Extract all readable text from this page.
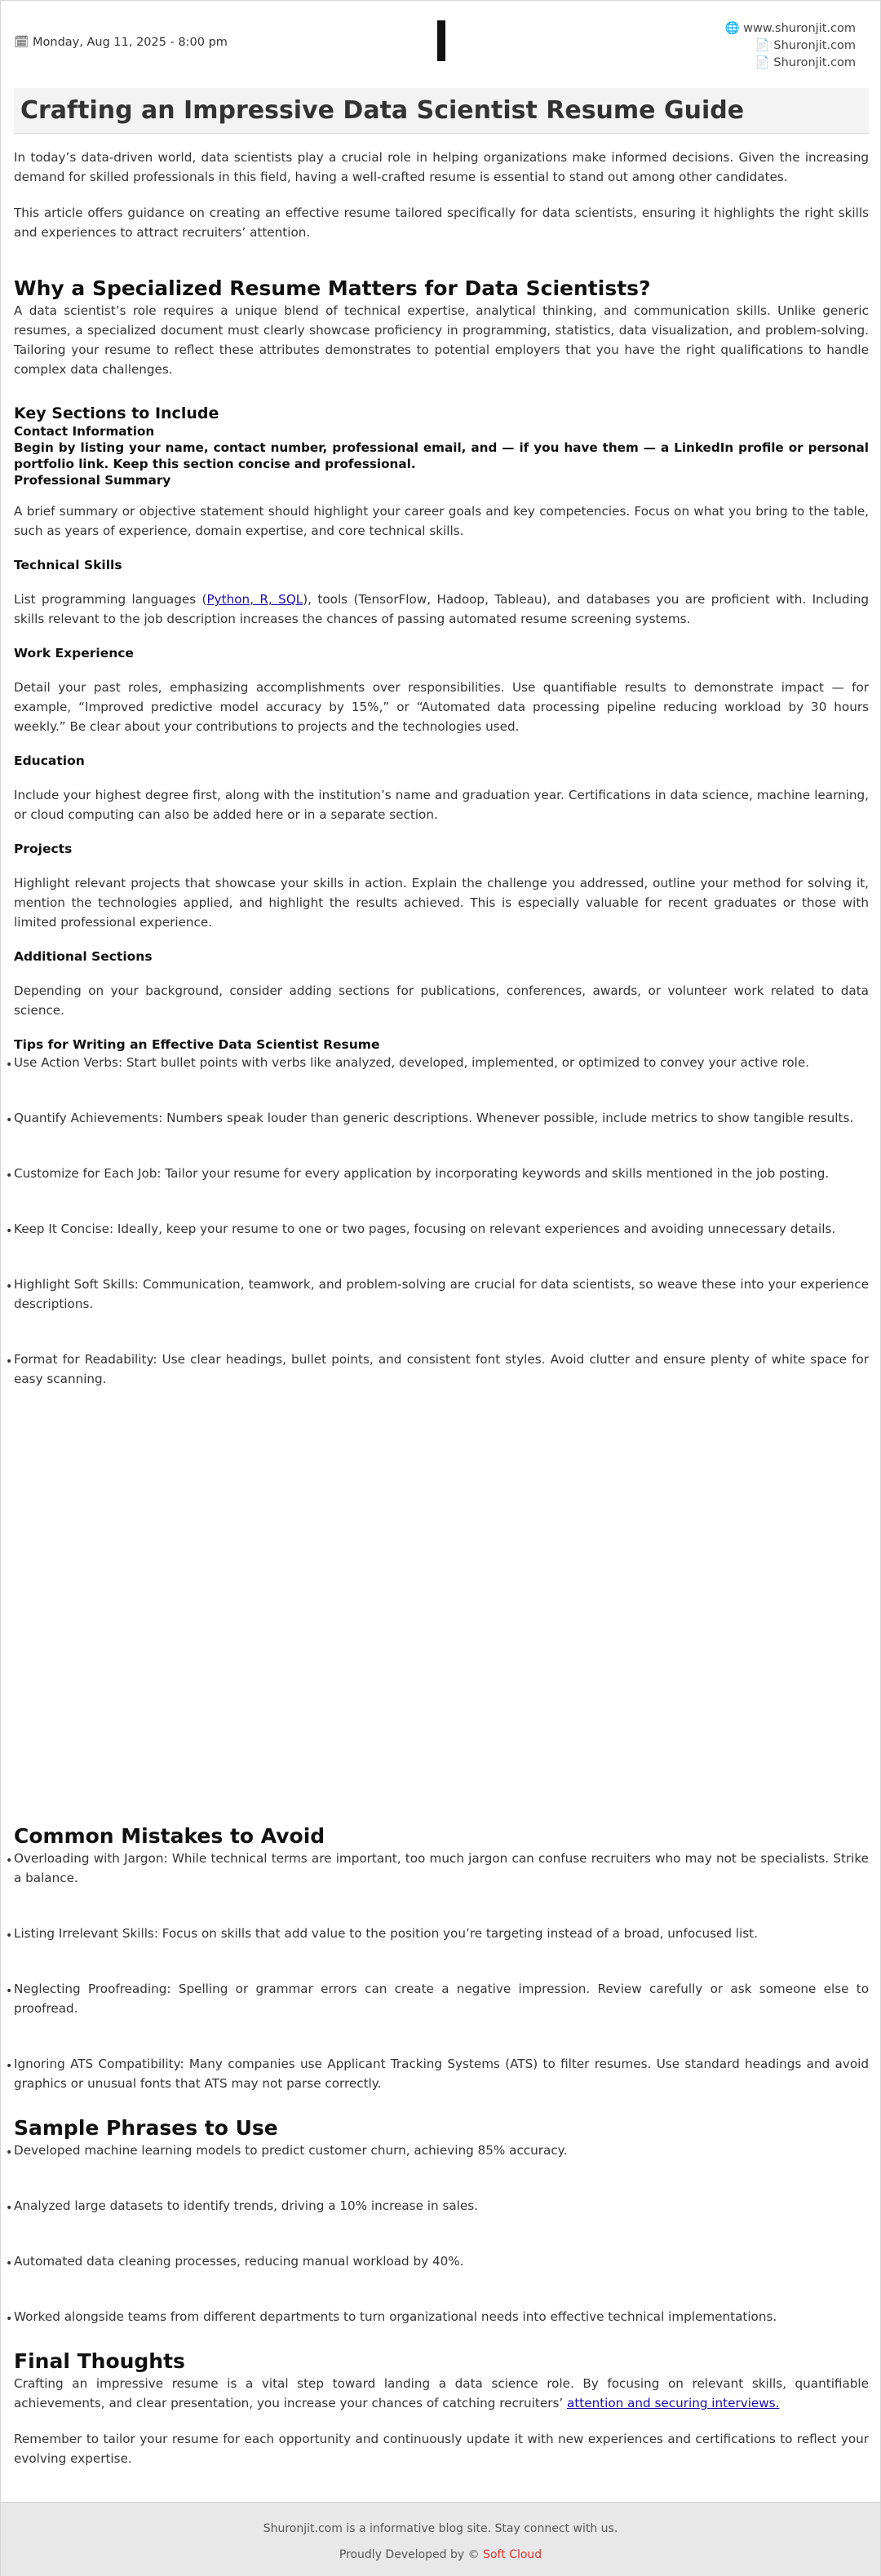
🗓 Monday, Aug 11, 2025 - 8:00 pm
🌐 www.shuronjit.com
📄 Shuronjit.com
📄 Shuronjit.com
Crafting an Impressive Data Scientist Resume Guide

In today’s data-driven world, data scientists play a crucial role in helping organizations make informed decisions. Given the increasing demand for skilled professionals in this field, having a well-crafted resume is essential to stand out among other candidates.

This article offers guidance on creating an effective resume tailored specifically for data scientists, ensuring it highlights the right skills and experiences to attract recruiters’ attention.

Why a Specialized Resume Matters for Data Scientists?

A data scientist’s role requires a unique blend of technical expertise, analytical thinking, and communication skills. Unlike generic resumes, a specialized document must clearly showcase proficiency in programming, statistics, data visualization, and problem-solving. Tailoring your resume to reflect these attributes demonstrates to potential employers that you have the right qualifications to handle complex data challenges.

Key Sections to Include
Contact Information
Begin by listing your name, contact number, professional email, and — if you have them — a LinkedIn profile or personal portfolio link. Keep this section concise and professional.
Professional Summary

A brief summary or objective statement should highlight your career goals and key competencies. Focus on what you bring to the table, such as years of experience, domain expertise, and core technical skills.

Technical Skills

List programming languages (Python, R, SQL), tools (TensorFlow, Hadoop, Tableau), and databases you are proficient with. Including skills relevant to the job description increases the chances of passing automated resume screening systems.

Work Experience

Detail your past roles, emphasizing accomplishments over responsibilities. Use quantifiable results to demonstrate impact — for example, “Improved predictive model accuracy by 15%,” or “Automated data processing pipeline reducing workload by 30 hours weekly.” Be clear about your contributions to projects and the technologies used.

Education

Include your highest degree first, along with the institution’s name and graduation year. Certifications in data science, machine learning, or cloud computing can also be added here or in a separate section.

Projects

Highlight relevant projects that showcase your skills in action. Explain the challenge you addressed, outline your method for solving it, mention the technologies applied, and highlight the results achieved. This is especially valuable for recent graduates or those with limited professional experience.

Additional Sections

Depending on your background, consider adding sections for publications, conferences, awards, or volunteer work related to data science.

Tips for Writing an Effective Data Scientist Resume
• Use Action Verbs: Start bullet points with verbs like analyzed, developed, implemented, or optimized to convey your active role.
• Quantify Achievements: Numbers speak louder than generic descriptions. Whenever possible, include metrics to show tangible results.
• Customize for Each Job: Tailor your resume for every application by incorporating keywords and skills mentioned in the job posting.
• Keep It Concise: Ideally, keep your resume to one or two pages, focusing on relevant experiences and avoiding unnecessary details.
• Highlight Soft Skills: Communication, teamwork, and problem-solving are crucial for data scientists, so weave these into your experience descriptions.
• Format for Readability: Use clear headings, bullet points, and consistent font styles. Avoid clutter and ensure plenty of white space for easy scanning.
Common Mistakes to Avoid
• Overloading with Jargon: While technical terms are important, too much jargon can confuse recruiters who may not be specialists. Strike a balance.
• Listing Irrelevant Skills: Focus on skills that add value to the position you’re targeting instead of a broad, unfocused list.
• Neglecting Proofreading: Spelling or grammar errors can create a negative impression. Review carefully or ask someone else to proofread.
• Ignoring ATS Compatibility: Many companies use Applicant Tracking Systems (ATS) to filter resumes. Use standard headings and avoid graphics or unusual fonts that ATS may not parse correctly.
Sample Phrases to Use
• Developed machine learning models to predict customer churn, achieving 85% accuracy.
• Analyzed large datasets to identify trends, driving a 10% increase in sales.
• Automated data cleaning processes, reducing manual workload by 40%.
• Worked alongside teams from different departments to turn organizational needs into effective technical implementations.
Final Thoughts

Crafting an impressive resume is a vital step toward landing a data science role. By focusing on relevant skills, quantifiable achievements, and clear presentation, you increase your chances of catching recruiters’ attention and securing interviews.

Remember to tailor your resume for each opportunity and continuously update it with new experiences and certifications to reflect your evolving expertise.

Shuronjit.com is a informative blog site. Stay connect with us.
Proudly Developed by © Soft Cloud
